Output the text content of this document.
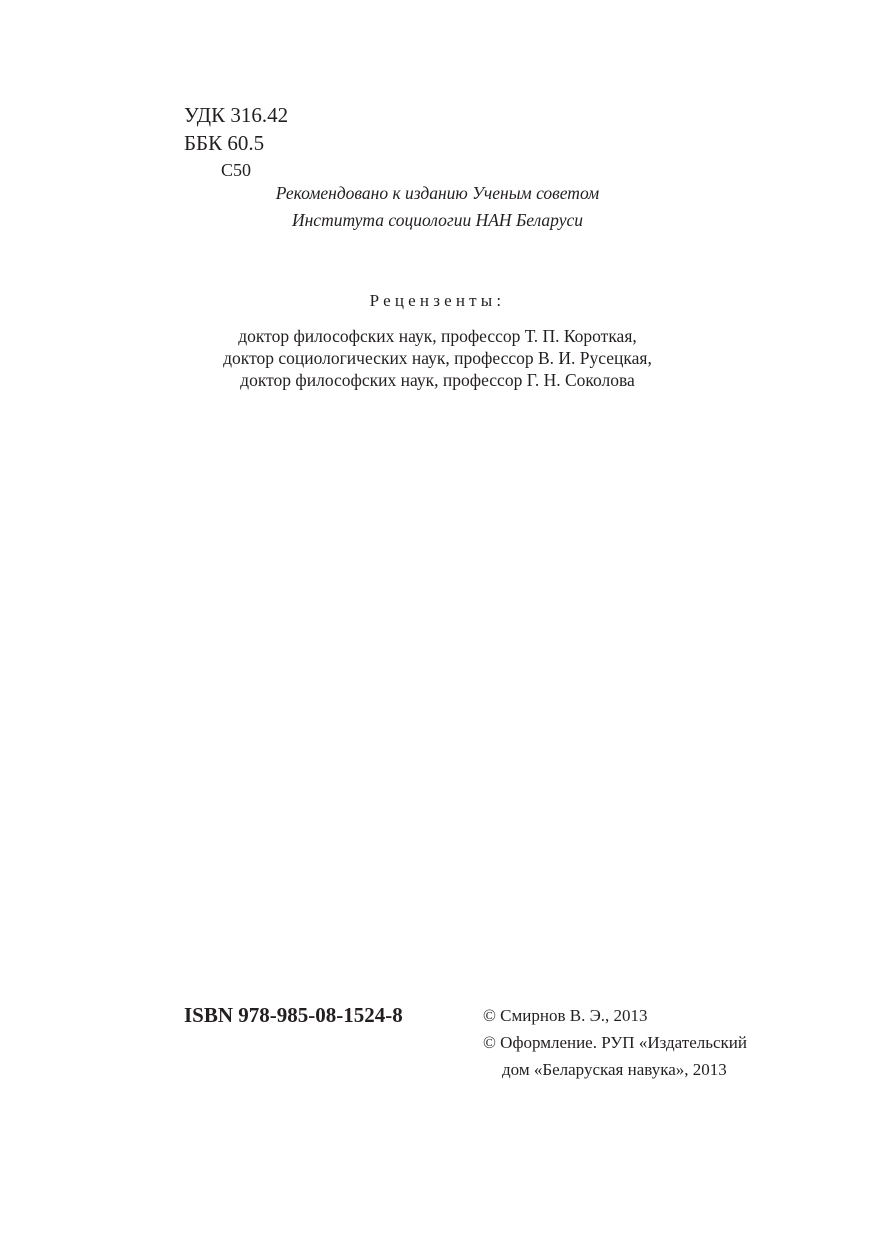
УДК 316.42
ББК 60.5
С50
Рекомендовано к изданию Ученым советом
Института социологии НАН Беларуси
Рецензенты:
доктор философских наук, профессор Т. П. Короткая,
доктор социологических наук, профессор В. И. Русецкая,
доктор философских наук, профессор Г. Н. Соколова
ISBN 978-985-08-1524-8	© Смирнов В. Э., 2013
© Оформление. РУП «Издательский
дом «Беларуская навука», 2013
